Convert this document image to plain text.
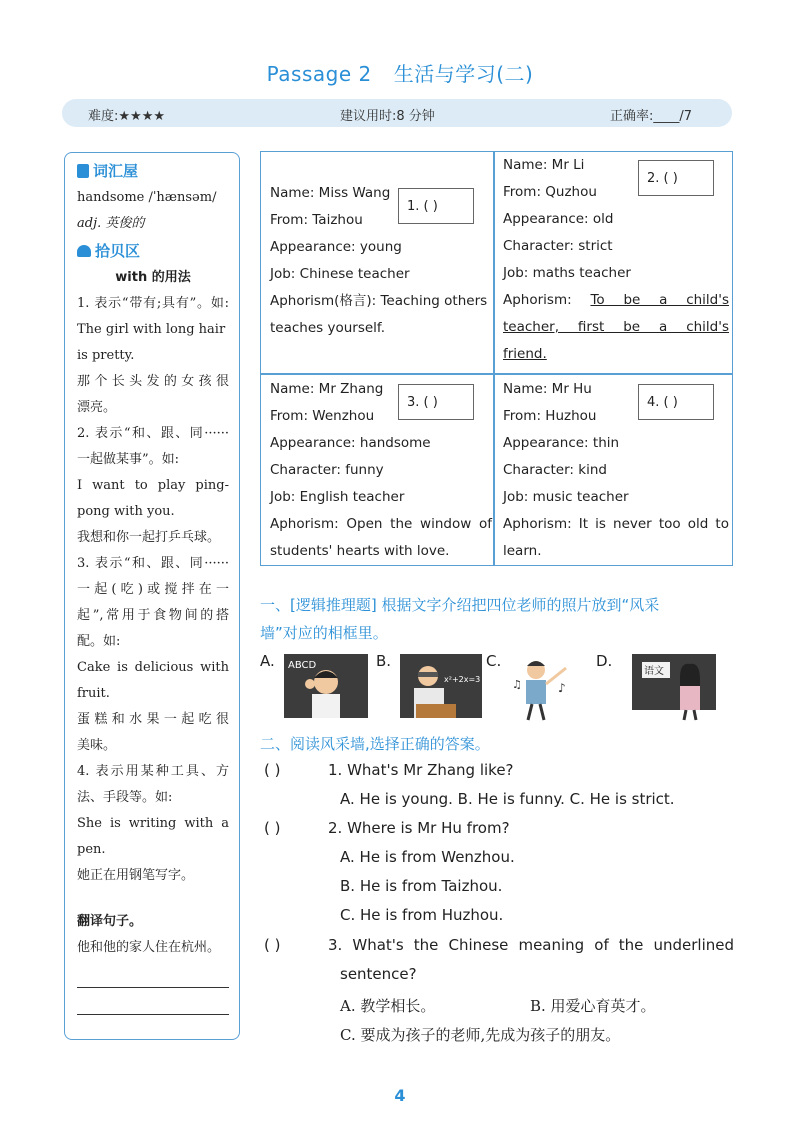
Passage 2 生活与学习(二)
难度:★★★★	建议用时:8 分钟	正确率:____/7
词汇屋
handsome /ˈhænsəm/
adj. 英俊的
拾贝区
with 的用法
1. 表示“带有;具有”。如:
The girl with long hair
is pretty.
那个长头发的女孩很
漂亮。
2. 表示“和、跟、同······
一起做某事”。如:
I want to play ping-
pong with you.
我想和你一起打乒乓球。
3. 表示“和、跟、同······
一起(吃)或搅拌在一
起”,常用于食物间的搭
配。如:
Cake is delicious with
fruit.
蛋糕和水果一起吃很
美味。
4. 表示用某种工具、方
法、手段等。如:
She is writing with a
pen.
她正在用钢笔写字。
翻译句子。
他和他的家人住在杭州。
Name: Miss Wang
From: Taizhou
Appearance: young
Job: Chinese teacher
Aphorism(格言): Teaching others
teaches yourself.
1. ( )
Name: Mr Li
From: Quzhou
Appearance: old
Character: strict
Job: maths teacher
Aphorism: To be a child's
teacher, first be a child's
friend.
2. ( )
Name: Mr Zhang
From: Wenzhou
Appearance: handsome
Character: funny
Job: English teacher
Aphorism: Open the window of
students' hearts with love.
3. ( )
Name: Mr Hu
From: Huzhou
Appearance: thin
Character: kind
Job: music teacher
Aphorism: It is never too old to
learn.
4. ( )
一、[逻辑推理题] 根据文字介绍把四位老师的照片放到“风采
墙”对应的相框里。
A. ABCD	B.
x²+2x=3
C.
♪
♫
D.
语文
二、阅读风采墙,选择正确的答案。
( )	1. What's Mr Zhang like?
A. He is young. B. He is funny. C. He is strict.
( )	2. Where is Mr Hu from?
A. He is from Wenzhou.
B. He is from Taizhou.
C. He is from Huzhou.
( )	3. What's the Chinese meaning of the underlined
sentence?
A. 教学相长。	B. 用爱心育英才。
C. 要成为孩子的老师,先成为孩子的朋友。
4
